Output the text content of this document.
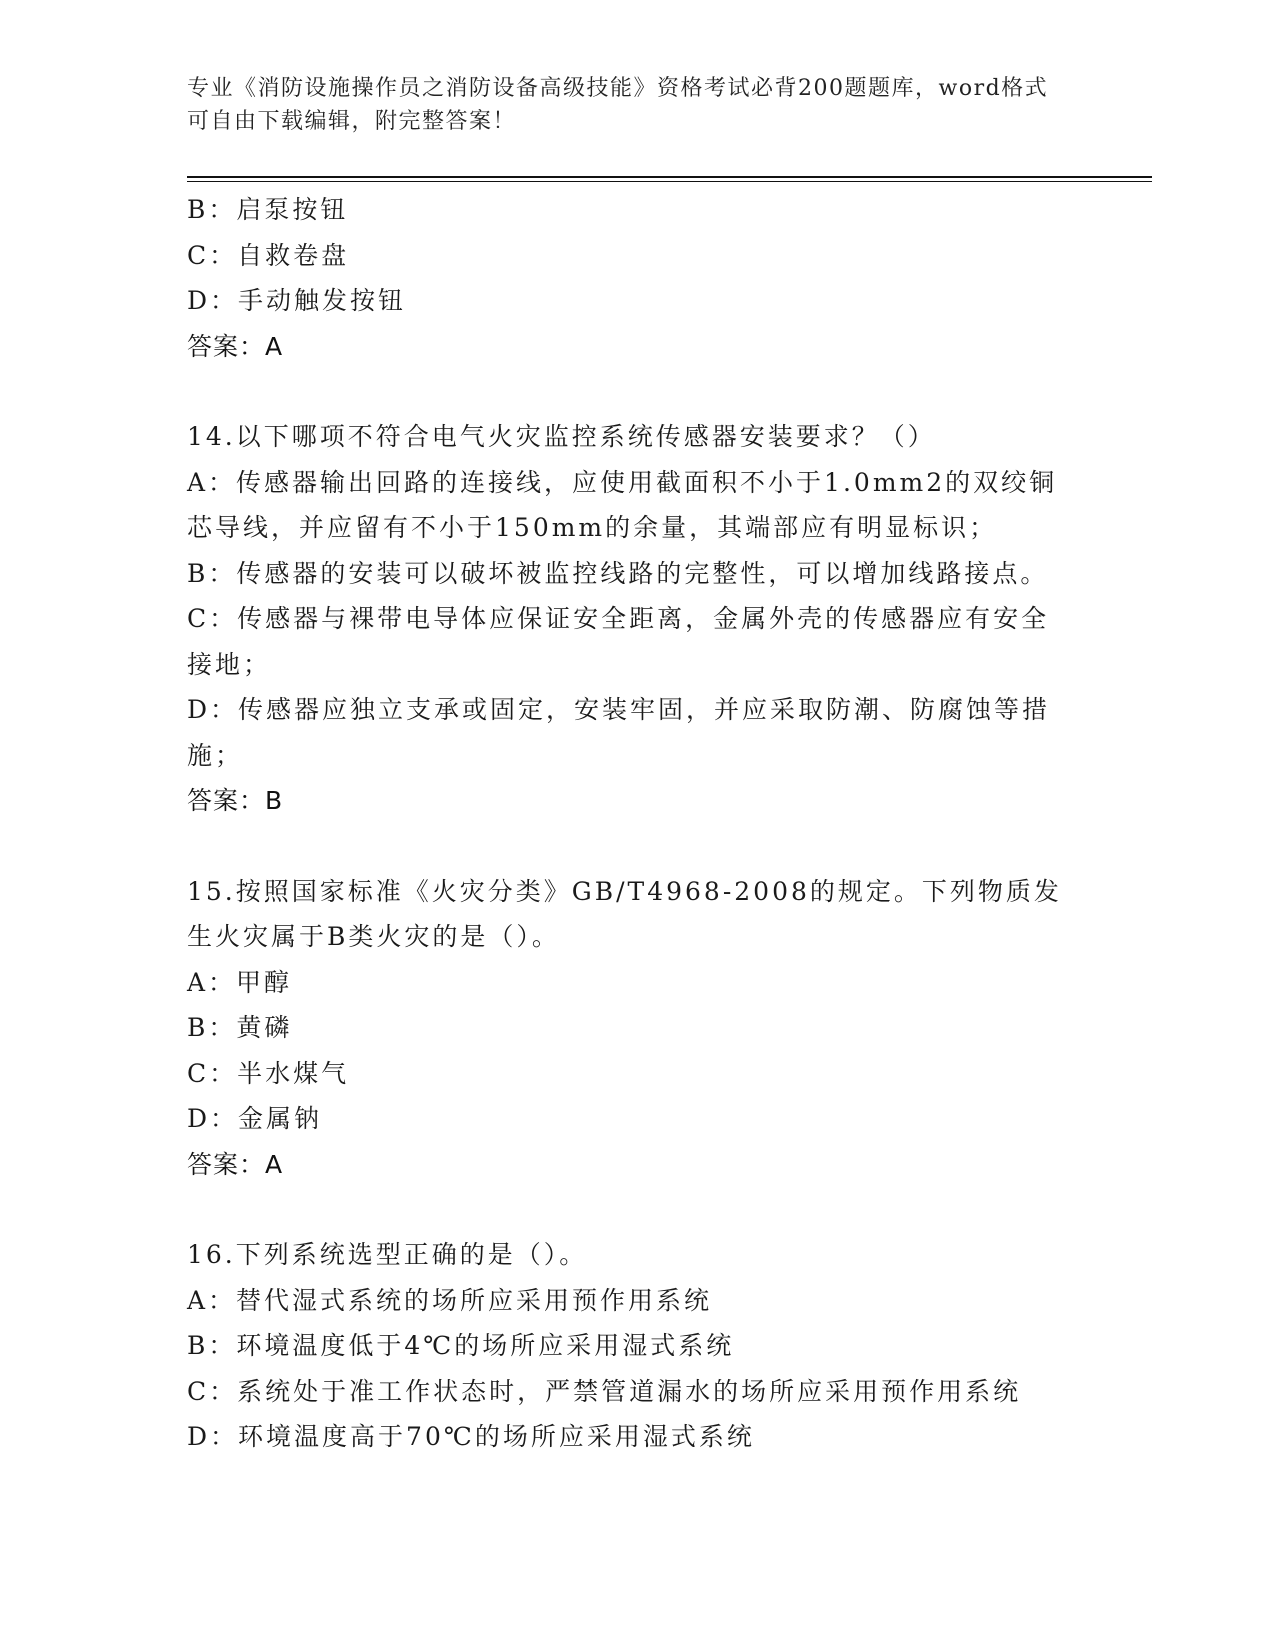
专业《消防设施操作员之消防设备高级技能》资格考试必背200题题库，word格式可自由下载编辑，附完整答案！
B：启泵按钮
C：自救卷盘
D：手动触发按钮
答案：A
14.以下哪项不符合电气火灾监控系统传感器安装要求？（）
A：传感器输出回路的连接线，应使用截面积不小于1.0mm2的双绞铜芯导线，并应留有不小于150mm的余量，其端部应有明显标识；
B：传感器的安装可以破坏被监控线路的完整性，可以增加线路接点。
C：传感器与裸带电导体应保证安全距离，金属外壳的传感器应有安全接地；
D：传感器应独立支承或固定，安装牢固，并应采取防潮、防腐蚀等措施；
答案：B
15.按照国家标准《火灾分类》GB/T4968-2008的规定。下列物质发生火灾属于B类火灾的是（）。
A：甲醇
B：黄磷
C：半水煤气
D：金属钠
答案：A
16.下列系统选型正确的是（）。
A：替代湿式系统的场所应采用预作用系统
B：环境温度低于4℃的场所应采用湿式系统
C：系统处于准工作状态时，严禁管道漏水的场所应采用预作用系统
D：环境温度高于70℃的场所应采用湿式系统
